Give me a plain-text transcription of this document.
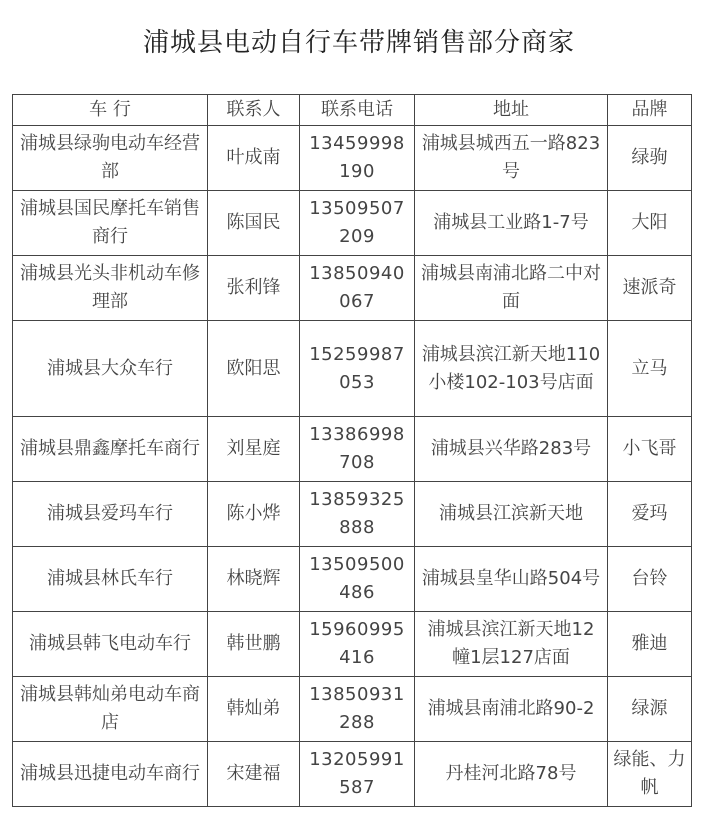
浦城县电动自行车带牌销售部分商家
车 行	联系人	联系电话	地址	品牌
浦城县绿驹电动车经营部	叶成南	13459998190	浦城县城西五一路823号	绿驹
浦城县国民摩托车销售商行	陈国民	13509507209	浦城县工业路1-7号	大阳
浦城县光头非机动车修理部	张利锋	13850940067	浦城县南浦北路二中对面	速派奇
浦城县大众车行	欧阳思	15259987053	浦城县滨江新天地110小楼102-103号店面	立马
浦城县鼎鑫摩托车商行	刘星庭	13386998708	浦城县兴华路283号	小飞哥
浦城县爱玛车行	陈小烨	13859325888	浦城县江滨新天地	爱玛
浦城县林氏车行	林晓辉	13509500486	浦城县皇华山路504号	台铃
浦城县韩飞电动车行	韩世鹏	15960995416	浦城县滨江新天地12幢1层127店面	雅迪
浦城县韩灿弟电动车商店	韩灿弟	13850931288	浦城县南浦北路90-2	绿源
浦城县迅捷电动车商行	宋建福	13205991587	丹桂河北路78号	绿能、力帆
